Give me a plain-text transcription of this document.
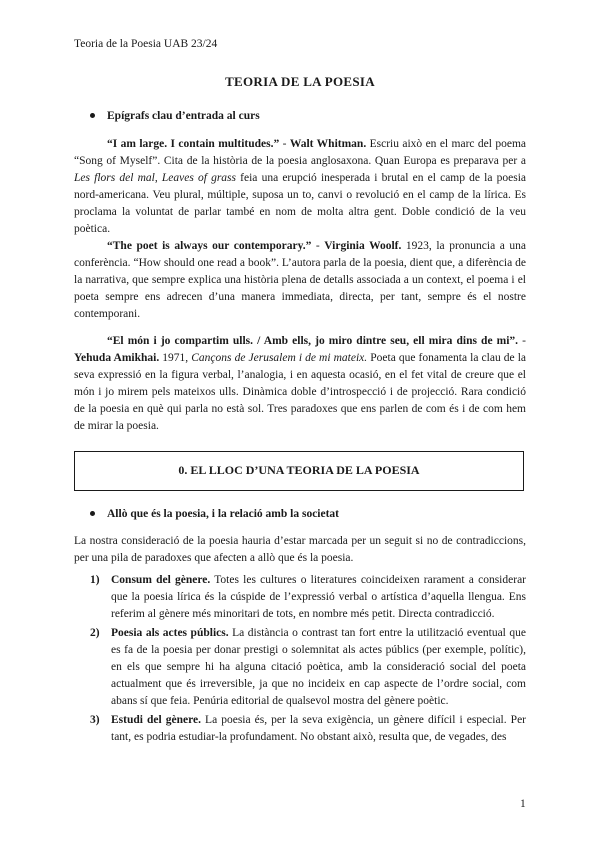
Teoria de la Poesia UAB 23/24
TEORIA DE LA POESIA
Epígrafs clau d’entrada al curs
“I am large. I contain multitudes.” - Walt Whitman. Escriu això en el marc del poema “Song of Myself”. Cita de la història de la poesia anglosaxona. Quan Europa es preparava per a Les flors del mal, Leaves of grass feia una erupció inesperada i brutal en el camp de la poesia nord-americana. Veu plural, múltiple, suposa un to, canvi o revolució en el camp de la lírica. Es proclama la voluntat de parlar també en nom de molta altra gent. Doble condició de la veu poètica.
“The poet is always our contemporary.” - Virginia Woolf. 1923, la pronuncia a una conferència. “How should one read a book”. L’autora parla de la poesia, dient que, a diferència de la narrativa, que sempre explica una història plena de detalls associada a un context, el poema i el poeta sempre ens adrecen d’una manera immediata, directa, per tant, sempre és el nostre contemporani.
“El món i jo compartim ulls. / Amb ells, jo miro dintre seu, ell mira dins de mi”. - Yehuda Amikhai. 1971, Cançons de Jerusalem i de mi mateix. Poeta que fonamenta la clau de la seva expressió en la figura verbal, l’analogia, i en aquesta ocasió, en el fet vital de creure que el món i jo mirem pels mateixos ulls. Dinàmica doble d’introspecció i de projecció. Rara condició de la poesia en què qui parla no està sol. Tres paradoxes que ens parlen de com és i de com hem de mirar la poesia.
0. EL LLOC D’UNA TEORIA DE LA POESIA
Allò que és la poesia, i la relació amb la societat
La nostra consideració de la poesia hauria d’estar marcada per un seguit si no de contradiccions, per una pila de paradoxes que afecten a allò que és la poesia.
1) Consum del gènere. Totes les cultures o literatures coincideixen rarament a considerar que la poesia lírica és la cúspide de l’expressió verbal o artística d’aquella llengua. Ens referim al gènere més minoritari de tots, en nombre més petit. Directa contradicció.
2) Poesia als actes públics. La distància o contrast tan fort entre la utilització eventual que es fa de la poesia per donar prestigi o solemnitat als actes públics (per exemple, polític), en els que sempre hi ha alguna citació poètica, amb la consideració social del poeta actualment que és irreversible, ja que no incideix en cap aspecte de l’ordre social, com abans sí que feia. Penúria editorial de qualsevol mostra del gènere poètic.
3) Estudi del gènere. La poesia és, per la seva exigència, un gènere difícil i especial. Per tant, es podria estudiar-la profundament. No obstant això, resulta que, de vegades, des
1
